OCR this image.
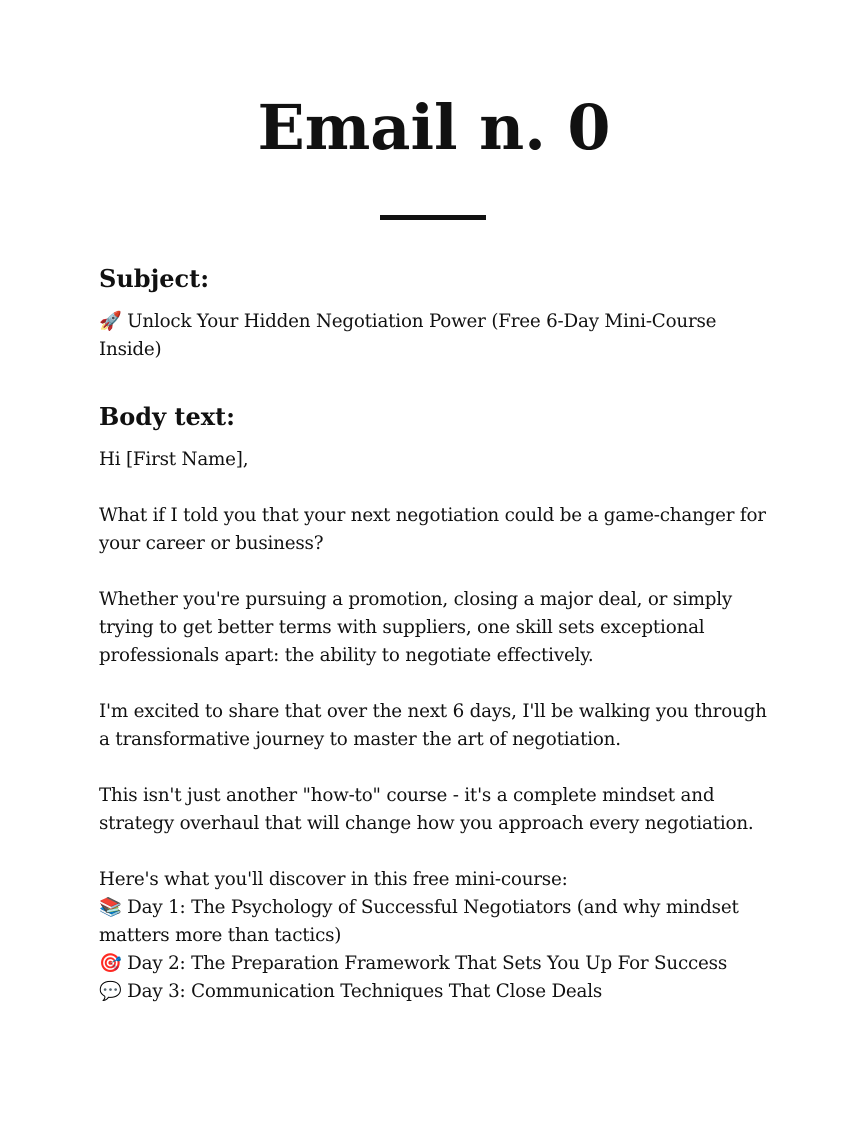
Email n. 0
Subject:

🚀 Unlock Your Hidden Negotiation Power (Free 6-Day Mini-Course Inside)

Body text:

Hi [First Name],

What if I told you that your next negotiation could be a game-changer for your career or business?

Whether you're pursuing a promotion, closing a major deal, or simply trying to get better terms with suppliers, one skill sets exceptional professionals apart: the ability to negotiate effectively.

I'm excited to share that over the next 6 days, I'll be walking you through a transformative journey to master the art of negotiation.

This isn't just another "how-to" course - it's a complete mindset and strategy overhaul that will change how you approach every negotiation.

Here's what you'll discover in this free mini-course:
📚 Day 1: The Psychology of Successful Negotiators (and why mindset matters more than tactics)
🎯 Day 2: The Preparation Framework That Sets You Up For Success
💬 Day 3: Communication Techniques That Close Deals
